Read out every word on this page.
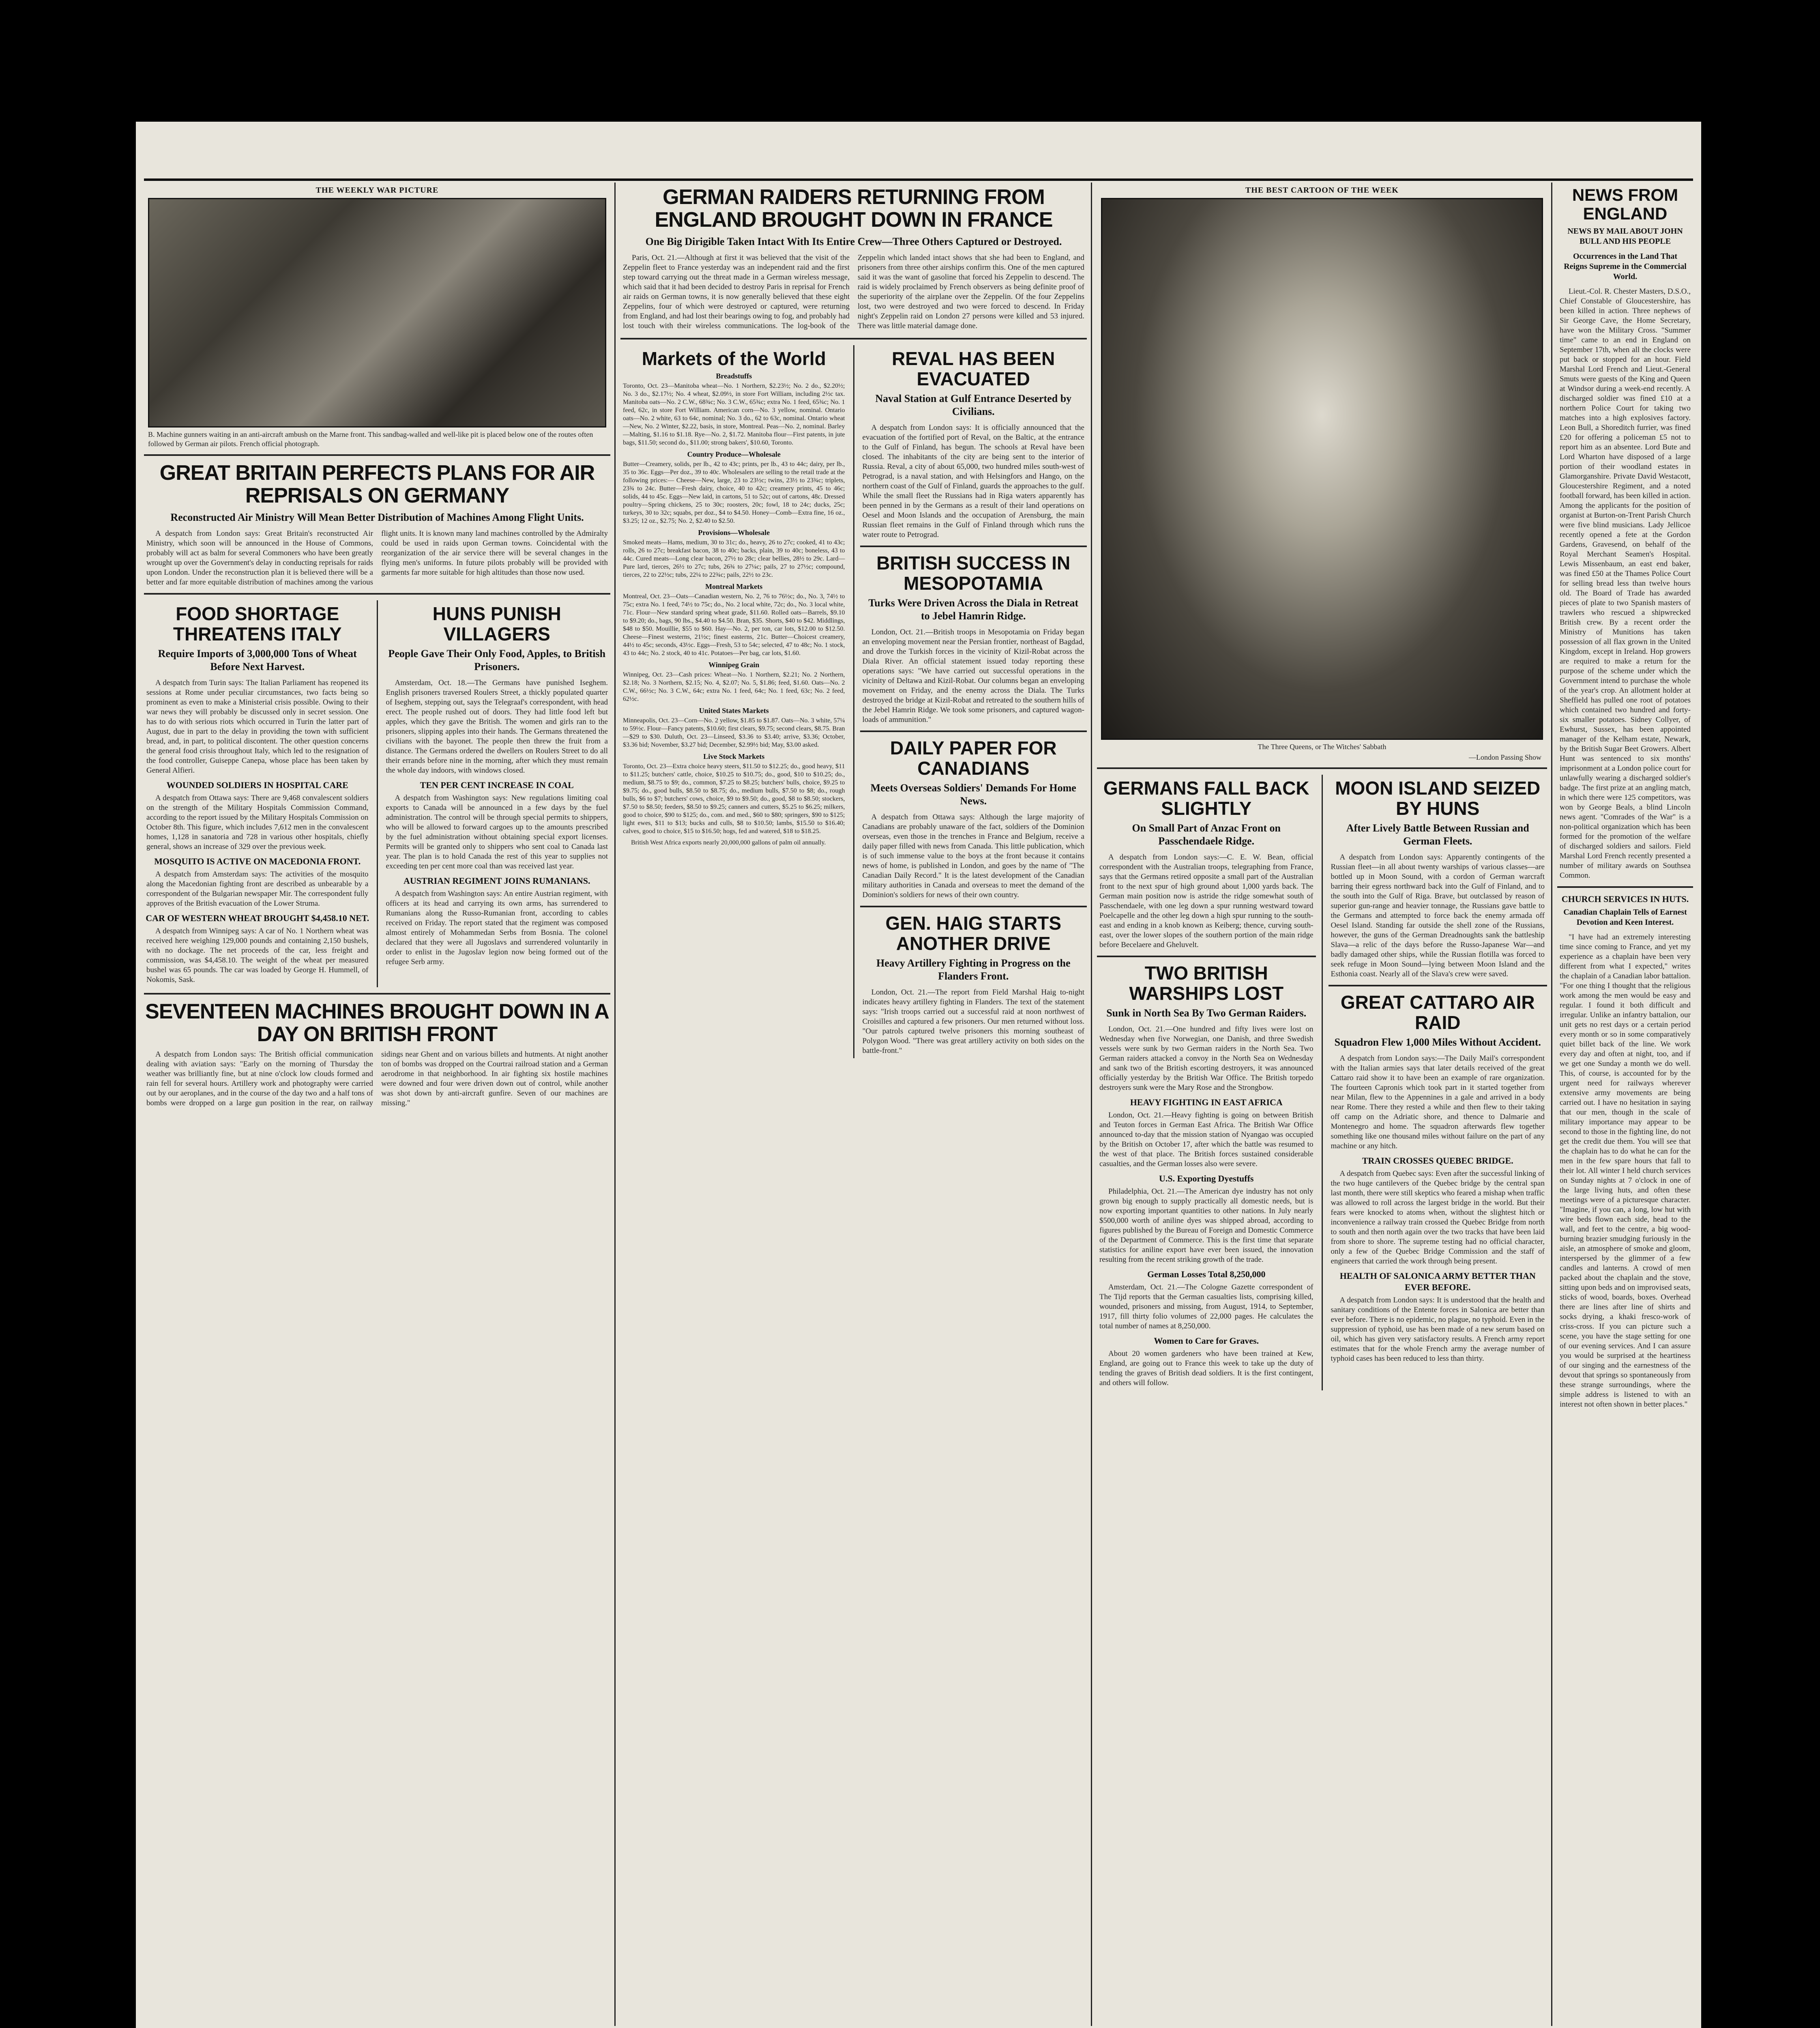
THE WEEKLY WAR PICTURE
B. Machine gunners waiting in an anti-aircraft ambush on the Marne front. This sandbag-walled and well-like pit is placed below one of the routes often followed by German air pilots. French official photograph.
GREAT BRITAIN PERFECTS PLANS FOR AIR REPRISALS ON GERMANY
Reconstructed Air Ministry Will Mean Better Distribution of Machines Among Flight Units.

A despatch from London says: Great Britain's reconstructed Air Ministry, which soon will be announced in the House of Commons, probably will act as balm for several Commoners who have been greatly wrought up over the Government's delay in conducting reprisals for raids upon London. Under the reconstruction plan it is believed there will be a better and far more equitable distribution of machines among the various flight units. It is known many land machines controlled by the Admiralty could be used in raids upon German towns. Coincidental with the reorganization of the air service there will be several changes in the flying men's uniforms. In future pilots probably will be provided with garments far more suitable for high altitudes than those now used.

FOOD SHORTAGE THREATENS ITALY
Require Imports of 3,000,000 Tons of Wheat Before Next Harvest.

A despatch from Turin says: The Italian Parliament has reopened its sessions at Rome under peculiar circumstances, two facts being so prominent as even to make a Ministerial crisis possible. Owing to their war news they will probably be discussed only in secret session. One has to do with serious riots which occurred in Turin the latter part of August, due in part to the delay in providing the town with sufficient bread, and, in part, to political discontent. The other question concerns the general food crisis throughout Italy, which led to the resignation of the food controller, Guiseppe Canepa, whose place has been taken by General Alfieri.

WOUNDED SOLDIERS IN HOSPITAL CARE

A despatch from Ottawa says: There are 9,468 convalescent soldiers on the strength of the Military Hospitals Commission Command, according to the report issued by the Military Hospitals Commission on October 8th. This figure, which includes 7,612 men in the convalescent homes, 1,128 in sanatoria and 728 in various other hospitals, chiefly general, shows an increase of 329 over the previous week.

MOSQUITO IS ACTIVE ON MACEDONIA FRONT.

A despatch from Amsterdam says: The activities of the mosquito along the Macedonian fighting front are described as unbearable by a correspondent of the Bulgarian newspaper Mir. The correspondent fully approves of the British evacuation of the Lower Struma.

CAR OF WESTERN WHEAT BROUGHT $4,458.10 NET.

A despatch from Winnipeg says: A car of No. 1 Northern wheat was received here weighing 129,000 pounds and containing 2,150 bushels, with no dockage. The net proceeds of the car, less freight and commission, was $4,458.10. The weight of the wheat per measured bushel was 65 pounds. The car was loaded by George H. Hummell, of Nokomis, Sask.

HUNS PUNISH VILLAGERS
People Gave Their Only Food, Apples, to British Prisoners.

Amsterdam, Oct. 18.—The Germans have punished Iseghem. English prisoners traversed Roulers Street, a thickly populated quarter of Iseghem, stepping out, says the Telegraaf's correspondent, with head erect. The people rushed out of doors. They had little food left but apples, which they gave the British. The women and girls ran to the prisoners, slipping apples into their hands. The Germans threatened the civilians with the bayonet. The people then threw the fruit from a distance. The Germans ordered the dwellers on Roulers Street to do all their errands before nine in the morning, after which they must remain the whole day indoors, with windows closed.

TEN PER CENT INCREASE IN COAL

A despatch from Washington says: New regulations limiting coal exports to Canada will be announced in a few days by the fuel administration. The control will be through special permits to shippers, who will be allowed to forward cargoes up to the amounts prescribed by the fuel administration without obtaining special export licenses. Permits will be granted only to shippers who sent coal to Canada last year. The plan is to hold Canada the rest of this year to supplies not exceeding ten per cent more coal than was received last year.

AUSTRIAN REGIMENT JOINS RUMANIANS.

A despatch from Washington says: An entire Austrian regiment, with officers at its head and carrying its own arms, has surrendered to Rumanians along the Russo-Rumanian front, according to cables received on Friday. The report stated that the regiment was composed almost entirely of Mohammedan Serbs from Bosnia. The colonel declared that they were all Jugoslavs and surrendered voluntarily in order to enlist in the Jugoslav legion now being formed out of the refugee Serb army.

SEVENTEEN MACHINES BROUGHT DOWN IN A DAY ON BRITISH FRONT

A despatch from London says: The British official communication dealing with aviation says: "Early on the morning of Thursday the weather was brilliantly fine, but at nine o'clock low clouds formed and rain fell for several hours. Artillery work and photography were carried out by our aeroplanes, and in the course of the day two and a half tons of bombs were dropped on a large gun position in the rear, on railway sidings near Ghent and on various billets and hutments. At night another ton of bombs was dropped on the Courtrai railroad station and a German aerodrome in that neighborhood. In air fighting six hostile machines were downed and four were driven down out of control, while another was shot down by anti-aircraft gunfire. Seven of our machines are missing."

GERMAN RAIDERS RETURNING FROM ENGLAND BROUGHT DOWN IN FRANCE
One Big Dirigible Taken Intact With Its Entire Crew—Three Others Captured or Destroyed.

Paris, Oct. 21.—Although at first it was believed that the visit of the Zeppelin fleet to France yesterday was an independent raid and the first step toward carrying out the threat made in a German wireless message, which said that it had been decided to destroy Paris in reprisal for French air raids on German towns, it is now generally believed that these eight Zeppelins, four of which were destroyed or captured, were returning from England, and had lost their bearings owing to fog, and probably had lost touch with their wireless communications. The log-book of the Zeppelin which landed intact shows that she had been to England, and prisoners from three other airships confirm this. One of the men captured said it was the want of gasoline that forced his Zeppelin to descend. The raid is widely proclaimed by French observers as being definite proof of the superiority of the airplane over the Zeppelin. Of the four Zeppelins lost, two were destroyed and two were forced to descend. In Friday night's Zeppelin raid on London 27 persons were killed and 53 injured. There was little material damage done.

Markets of the World
Breadstuffs
Toronto, Oct. 23—Manitoba wheat—No. 1 Northern, $2.23½; No. 2 do., $2.20½; No. 3 do., $2.17½; No. 4 wheat, $2.09½, in store Fort William, including 2½c tax. Manitoba oats—No. 2 C.W., 68¾c; No. 3 C.W., 65¾c; extra No. 1 feed, 65¾c; No. 1 feed, 62c, in store Fort William. American corn—No. 3 yellow, nominal. Ontario oats—No. 2 white, 63 to 64c, nominal; No. 3 do., 62 to 63c, nominal. Ontario wheat—New, No. 2 Winter, $2.22, basis, in store, Montreal. Peas—No. 2, nominal. Barley—Malting, $1.16 to $1.18. Rye—No. 2, $1.72. Manitoba flour—First patents, in jute bags, $11.50; second do., $11.00; strong bakers', $10.60, Toronto.
Country Produce—Wholesale
Butter—Creamery, solids, per lb., 42 to 43c; prints, per lb., 43 to 44c; dairy, per lb., 35 to 36c. Eggs—Per doz., 39 to 40c. Wholesalers are selling to the retail trade at the following prices:— Cheese—New, large, 23 to 23½c; twins, 23½ to 23¾c; triplets, 23¾ to 24c. Butter—Fresh dairy, choice, 40 to 42c; creamery prints, 45 to 46c; solids, 44 to 45c. Eggs—New laid, in cartons, 51 to 52c; out of cartons, 48c. Dressed poultry—Spring chickens, 25 to 30c; roosters, 20c; fowl, 18 to 24c; ducks, 25c; turkeys, 30 to 32c; squabs, per doz., $4 to $4.50. Honey—Comb—Extra fine, 16 oz., $3.25; 12 oz., $2.75; No. 2, $2.40 to $2.50.
Provisions—Wholesale
Smoked meats—Hams, medium, 30 to 31c; do., heavy, 26 to 27c; cooked, 41 to 43c; rolls, 26 to 27c; breakfast bacon, 38 to 40c; backs, plain, 39 to 40c; boneless, 43 to 44c. Cured meats—Long clear bacon, 27½ to 28c; clear bellies, 28½ to 29c. Lard—Pure lard, tierces, 26½ to 27c; tubs, 26¾ to 27¼c; pails, 27 to 27½c; compound, tierces, 22 to 22½c; tubs, 22¼ to 22¾c; pails, 22½ to 23c.
Montreal Markets
Montreal, Oct. 23—Oats—Canadian western, No. 2, 76 to 76½c; do., No. 3, 74½ to 75c; extra No. 1 feed, 74½ to 75c; do., No. 2 local white, 72c; do., No. 3 local white, 71c. Flour—New standard spring wheat grade, $11.60. Rolled oats—Barrels, $9.10 to $9.20; do., bags, 90 lbs., $4.40 to $4.50. Bran, $35. Shorts, $40 to $42. Middlings, $48 to $50. Mouillie, $55 to $60. Hay—No. 2, per ton, car lots, $12.00 to $12.50. Cheese—Finest westerns, 21½c; finest easterns, 21c. Butter—Choicest creamery, 44½ to 45c; seconds, 43½c. Eggs—Fresh, 53 to 54c; selected, 47 to 48c; No. 1 stock, 43 to 44c; No. 2 stock, 40 to 41c. Potatoes—Per bag, car lots, $1.60.
Winnipeg Grain
Winnipeg, Oct. 23—Cash prices: Wheat—No. 1 Northern, $2.21; No. 2 Northern, $2.18; No. 3 Northern, $2.15; No. 4, $2.07; No. 5, $1.86; feed, $1.60. Oats—No. 2 C.W., 66½c; No. 3 C.W., 64c; extra No. 1 feed, 64c; No. 1 feed, 63c; No. 2 feed, 62½c.
United States Markets
Minneapolis, Oct. 23—Corn—No. 2 yellow, $1.85 to $1.87. Oats—No. 3 white, 57¼ to 59½c. Flour—Fancy patents, $10.60; first clears, $9.75; second clears, $8.75. Bran—$29 to $30. Duluth, Oct. 23—Linseed, $3.36 to $3.40; arrive, $3.36; October, $3.36 bid; November, $3.27 bid; December, $2.99½ bid; May, $3.00 asked.
Live Stock Markets
Toronto, Oct. 23—Extra choice heavy steers, $11.50 to $12.25; do., good heavy, $11 to $11.25; butchers' cattle, choice, $10.25 to $10.75; do., good, $10 to $10.25; do., medium, $8.75 to $9; do., common, $7.25 to $8.25; butchers' bulls, choice, $9.25 to $9.75; do., good bulls, $8.50 to $8.75; do., medium bulls, $7.50 to $8; do., rough bulls, $6 to $7; butchers' cows, choice, $9 to $9.50; do., good, $8 to $8.50; stockers, $7.50 to $8.50; feeders, $8.50 to $9.25; canners and cutters, $5.25 to $6.25; milkers, good to choice, $90 to $125; do., com. and med., $60 to $80; springers, $90 to $125; light ewes, $11 to $13; bucks and culls, $8 to $10.50; lambs, $15.50 to $16.40; calves, good to choice, $15 to $16.50; hogs, fed and watered, $18 to $18.25.
British West Africa exports nearly 20,000,000 gallons of palm oil annually.
REVAL HAS BEEN EVACUATED
Naval Station at Gulf Entrance Deserted by Civilians.

A despatch from London says: It is officially announced that the evacuation of the fortified port of Reval, on the Baltic, at the entrance to the Gulf of Finland, has begun. The schools at Reval have been closed. The inhabitants of the city are being sent to the interior of Russia. Reval, a city of about 65,000, two hundred miles south-west of Petrograd, is a naval station, and with Helsingfors and Hango, on the northern coast of the Gulf of Finland, guards the approaches to the gulf. While the small fleet the Russians had in Riga waters apparently has been penned in by the Germans as a result of their land operations on Oesel and Moon Islands and the occupation of Arensburg, the main Russian fleet remains in the Gulf of Finland through which runs the water route to Petrograd.

BRITISH SUCCESS IN MESOPOTAMIA
Turks Were Driven Across the Diala in Retreat to Jebel Hamrin Ridge.

London, Oct. 21.—British troops in Mesopotamia on Friday began an enveloping movement near the Persian frontier, northeast of Bagdad, and drove the Turkish forces in the vicinity of Kizil-Robat across the Diala River. An official statement issued today reporting these operations says: "We have carried out successful operations in the vicinity of Deltawa and Kizil-Robat. Our columns began an enveloping movement on Friday, and the enemy across the Diala. The Turks destroyed the bridge at Kizil-Robat and retreated to the southern hills of the Jebel Hamrin Ridge. We took some prisoners, and captured wagon-loads of ammunition."

DAILY PAPER FOR CANADIANS
Meets Overseas Soldiers' Demands For Home News.

A despatch from Ottawa says: Although the large majority of Canadians are probably unaware of the fact, soldiers of the Dominion overseas, even those in the trenches in France and Belgium, receive a daily paper filled with news from Canada. This little publication, which is of such immense value to the boys at the front because it contains news of home, is published in London, and goes by the name of "The Canadian Daily Record." It is the latest development of the Canadian military authorities in Canada and overseas to meet the demand of the Dominion's soldiers for news of their own country.

GEN. HAIG STARTS ANOTHER DRIVE
Heavy Artillery Fighting in Progress on the Flanders Front.

London, Oct. 21.—The report from Field Marshal Haig to-night indicates heavy artillery fighting in Flanders. The text of the statement says: "Irish troops carried out a successful raid at noon northwest of Croisilles and captured a few prisoners. Our men returned without loss. "Our patrols captured twelve prisoners this morning southeast of Polygon Wood. "There was great artillery activity on both sides on the battle-front."

THE BEST CARTOON OF THE WEEK
The Three Queens, or The Witches' Sabbath
—London Passing Show
GERMANS FALL BACK SLIGHTLY
On Small Part of Anzac Front on Passchendaele Ridge.

A despatch from London says:—C. E. W. Bean, official correspondent with the Australian troops, telegraphing from France, says that the Germans retired opposite a small part of the Australian front to the next spur of high ground about 1,000 yards back. The German main position now is astride the ridge somewhat south of Passchendaele, with one leg down a spur running westward toward Poelcapelle and the other leg down a high spur running to the south-east and ending in a knob known as Keiberg; thence, curving south-east, over the lower slopes of the southern portion of the main ridge before Becelaere and Gheluvelt.

TWO BRITISH WARSHIPS LOST
Sunk in North Sea By Two German Raiders.

London, Oct. 21.—One hundred and fifty lives were lost on Wednesday when five Norwegian, one Danish, and three Swedish vessels were sunk by two German raiders in the North Sea. Two German raiders attacked a convoy in the North Sea on Wednesday and sank two of the British escorting destroyers, it was announced officially yesterday by the British War Office. The British torpedo destroyers sunk were the Mary Rose and the Strongbow.

HEAVY FIGHTING IN EAST AFRICA

London, Oct. 21.—Heavy fighting is going on between British and Teuton forces in German East Africa. The British War Office announced to-day that the mission station of Nyangao was occupied by the British on October 17, after which the battle was resumed to the west of that place. The British forces sustained considerable casualties, and the German losses also were severe.

U.S. Exporting Dyestuffs

Philadelphia, Oct. 21.—The American dye industry has not only grown big enough to supply practically all domestic needs, but is now exporting important quantities to other nations. In July nearly $500,000 worth of aniline dyes was shipped abroad, according to figures published by the Bureau of Foreign and Domestic Commerce of the Department of Commerce. This is the first time that separate statistics for aniline export have ever been issued, the innovation resulting from the recent striking growth of the trade.

German Losses Total 8,250,000

Amsterdam, Oct. 21.—The Cologne Gazette correspondent of The Tijd reports that the German casualties lists, comprising killed, wounded, prisoners and missing, from August, 1914, to September, 1917, fill thirty folio volumes of 22,000 pages. He calculates the total number of names at 8,250,000.

Women to Care for Graves.

About 20 women gardeners who have been trained at Kew, England, are going out to France this week to take up the duty of tending the graves of British dead soldiers. It is the first contingent, and others will follow.

MOON ISLAND SEIZED BY HUNS
After Lively Battle Between Russian and German Fleets.

A despatch from London says: Apparently contingents of the Russian fleet—in all about twenty warships of various classes—are bottled up in Moon Sound, with a cordon of German warcraft barring their egress northward back into the Gulf of Finland, and to the south into the Gulf of Riga. Brave, but outclassed by reason of superior gun-range and heavier tonnage, the Russians gave battle to the Germans and attempted to force back the enemy armada off Oesel Island. Standing far outside the shell zone of the Russians, however, the guns of the German Dreadnoughts sank the battleship Slava—a relic of the days before the Russo-Japanese War—and badly damaged other ships, while the Russian flotilla was forced to seek refuge in Moon Sound—lying between Moon Island and the Esthonia coast. Nearly all of the Slava's crew were saved.

GREAT CATTARO AIR RAID
Squadron Flew 1,000 Miles Without Accident.

A despatch from London says:—The Daily Mail's correspondent with the Italian armies says that later details received of the great Cattaro raid show it to have been an example of rare organization. The fourteen Capronis which took part in it started together from near Milan, flew to the Appennines in a gale and arrived in a body near Rome. There they rested a while and then flew to their taking off camp on the Adriatic shore, and thence to Dalmarie and Montenegro and home. The squadron afterwards flew together something like one thousand miles without failure on the part of any machine or any hitch.

TRAIN CROSSES QUEBEC BRIDGE.

A despatch from Quebec says: Even after the successful linking of the two huge cantilevers of the Quebec bridge by the central span last month, there were still skeptics who feared a mishap when traffic was allowed to roll across the largest bridge in the world. But their fears were knocked to atoms when, without the slightest hitch or inconvenience a railway train crossed the Quebec Bridge from north to south and then north again over the two tracks that have been laid from shore to shore. The supreme testing had no official character, only a few of the Quebec Bridge Commission and the staff of engineers that carried the work through being present.

HEALTH OF SALONICA ARMY BETTER THAN EVER BEFORE.

A despatch from London says: It is understood that the health and sanitary conditions of the Entente forces in Salonica are better than ever before. There is no epidemic, no plague, no typhoid. Even in the suppression of typhoid, use has been made of a new serum based on oil, which has given very satisfactory results. A French army report estimates that for the whole French army the average number of typhoid cases has been reduced to less than thirty.

NEWS FROM ENGLAND
NEWS BY MAIL ABOUT JOHN BULL AND HIS PEOPLE
Occurrences in the Land That Reigns Supreme in the Commercial World.

Lieut.-Col. R. Chester Masters, D.S.O., Chief Constable of Gloucestershire, has been killed in action. Three nephews of Sir George Cave, the Home Secretary, have won the Military Cross. "Summer time" came to an end in England on September 17th, when all the clocks were put back or stopped for an hour. Field Marshal Lord French and Lieut.-General Smuts were guests of the King and Queen at Windsor during a week-end recently. A discharged soldier was fined £10 at a northern Police Court for taking two matches into a high explosives factory. Leon Bull, a Shoreditch furrier, was fined £20 for offering a policeman £5 not to report him as an absentee. Lord Bute and Lord Wharton have disposed of a large portion of their woodland estates in Glamorganshire. Private David Westacott, Gloucestershire Regiment, and a noted football forward, has been killed in action. Among the applicants for the position of organist at Burton-on-Trent Parish Church were five blind musicians. Lady Jellicoe recently opened a fete at the Gordon Gardens, Gravesend, on behalf of the Royal Merchant Seamen's Hospital. Lewis Missenbaum, an east end baker, was fined £50 at the Thames Police Court for selling bread less than twelve hours old. The Board of Trade has awarded pieces of plate to two Spanish masters of trawlers who rescued a shipwrecked British crew. By a recent order the Ministry of Munitions has taken possession of all flax grown in the United Kingdom, except in Ireland. Hop growers are required to make a return for the purpose of the scheme under which the Government intend to purchase the whole of the year's crop. An allotment holder at Sheffield has pulled one root of potatoes which contained two hundred and forty-six smaller potatoes. Sidney Collyer, of Ewhurst, Sussex, has been appointed manager of the Kelham estate, Newark, by the British Sugar Beet Growers. Albert Hunt was sentenced to six months' imprisonment at a London police court for unlawfully wearing a discharged soldier's badge. The first prize at an angling match, in which there were 125 competitors, was won by George Beals, a blind Lincoln news agent. "Comrades of the War" is a non-political organization which has been formed for the promotion of the welfare of discharged soldiers and sailors. Field Marshal Lord French recently presented a number of military awards on Southsea Common.

CHURCH SERVICES IN HUTS.
Canadian Chaplain Tells of Earnest Devotion and Keen Interest.

"I have had an extremely interesting time since coming to France, and yet my experience as a chaplain have been very different from what I expected," writes the chaplain of a Canadian labor battalion. "For one thing I thought that the religious work among the men would be easy and regular. I found it both difficult and irregular. Unlike an infantry battalion, our unit gets no rest days or a certain period every month or so in some comparatively quiet billet back of the line. We work every day and often at night, too, and if we get one Sunday a month we do well. This, of course, is accounted for by the urgent need for railways wherever extensive army movements are being carried out. I have no hesitation in saying that our men, though in the scale of military importance may appear to be second to those in the fighting line, do not get the credit due them. You will see that the chaplain has to do what he can for the men in the few spare hours that fall to their lot. All winter I held church services on Sunday nights at 7 o'clock in one of the large living huts, and often these meetings were of a picturesque character. "Imagine, if you can, a long, low hut with wire beds flown each side, head to the wall, and feet to the centre, a big wood-burning brazier smudging furiously in the aisle, an atmosphere of smoke and gloom, interspersed by the glimmer of a few candles and lanterns. A crowd of men packed about the chaplain and the stove, sitting upon beds and on improvised seats, sticks of wood, boards, boxes. Overhead there are lines after line of shirts and socks drying, a khaki fresco-work of criss-cross. If you can picture such a scene, you have the stage setting for one of our evening services. And I can assure you would be surprised at the heartiness of our singing and the earnestness of the devout that springs so spontaneously from these strange surroundings, where the simple address is listened to with an interest not often shown in better places."
